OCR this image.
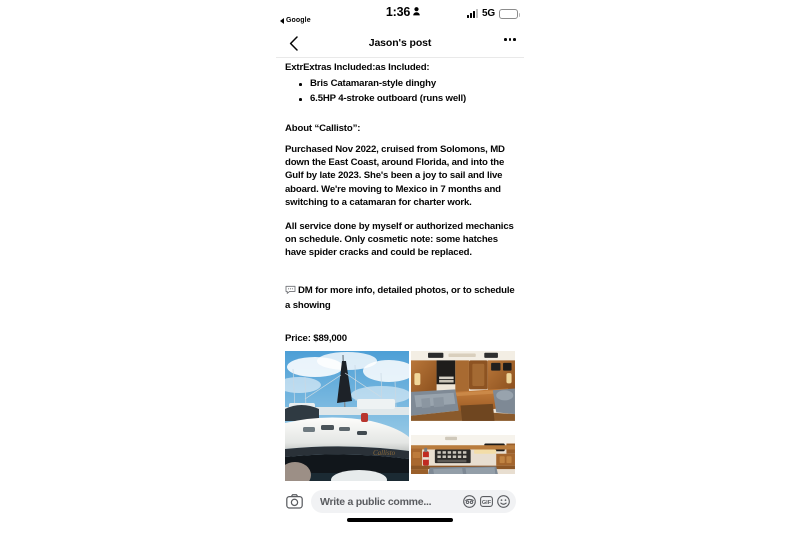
Google
1:36	5G
Jason's post

ExtrExtras Included:as Included:

Bris Catamaran-style dinghy
6.5HP 4-stroke outboard (runs well)

About “Callisto”:

Purchased Nov 2022, cruised from Solomons, MD down the East Coast, around Florida, and into the Gulf by late 2023. She's been a joy to sail and live aboard. We're moving to Mexico in 7 months and switching to a catamaran for charter work.

All service done by myself or authorized mechanics on schedule. Only cosmetic note: some hatches have spider cracks and could be replaced.

DM for more info, detailed photos, or to schedule a showing

Price: $89,000

Callisto
Write a public comme...	GIF
